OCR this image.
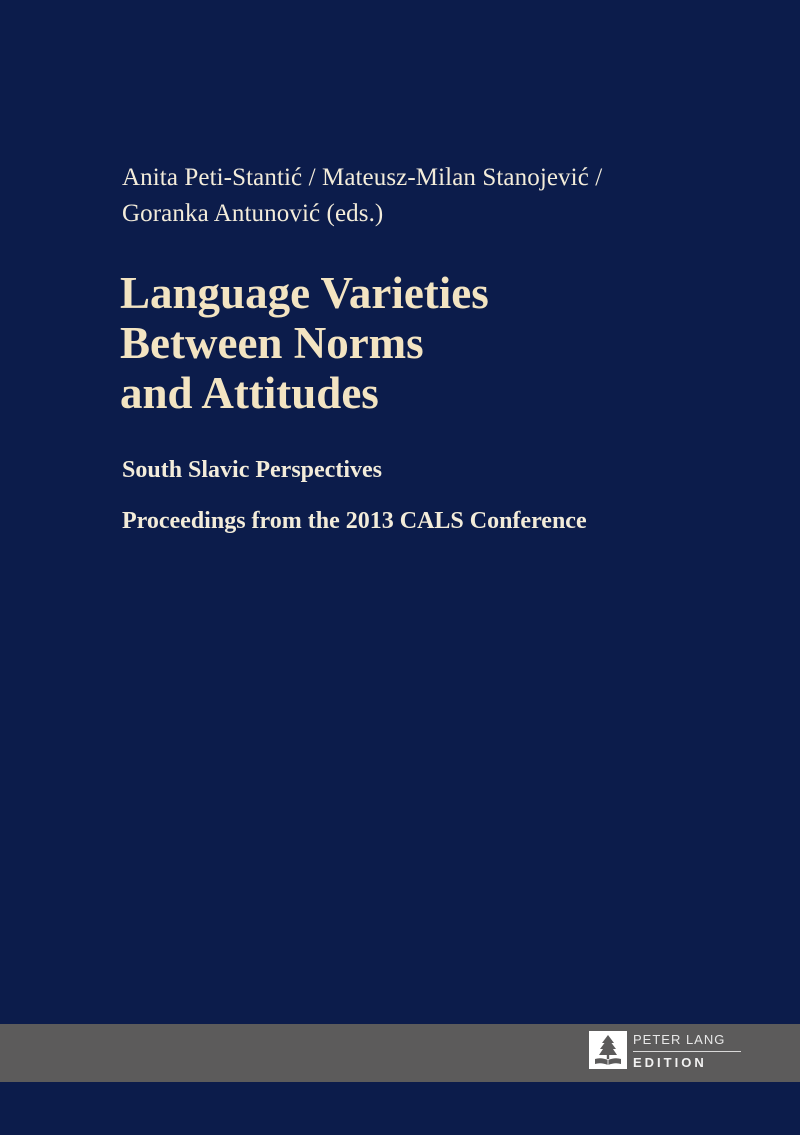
Anita Peti-Stantić / Mateusz-Milan Stanojević /
Goranka Antunović (eds.)
Language Varieties
Between Norms
and Attitudes
South Slavic Perspectives
Proceedings from the 2013 CALS Conference
PETER LANG
EDITION
